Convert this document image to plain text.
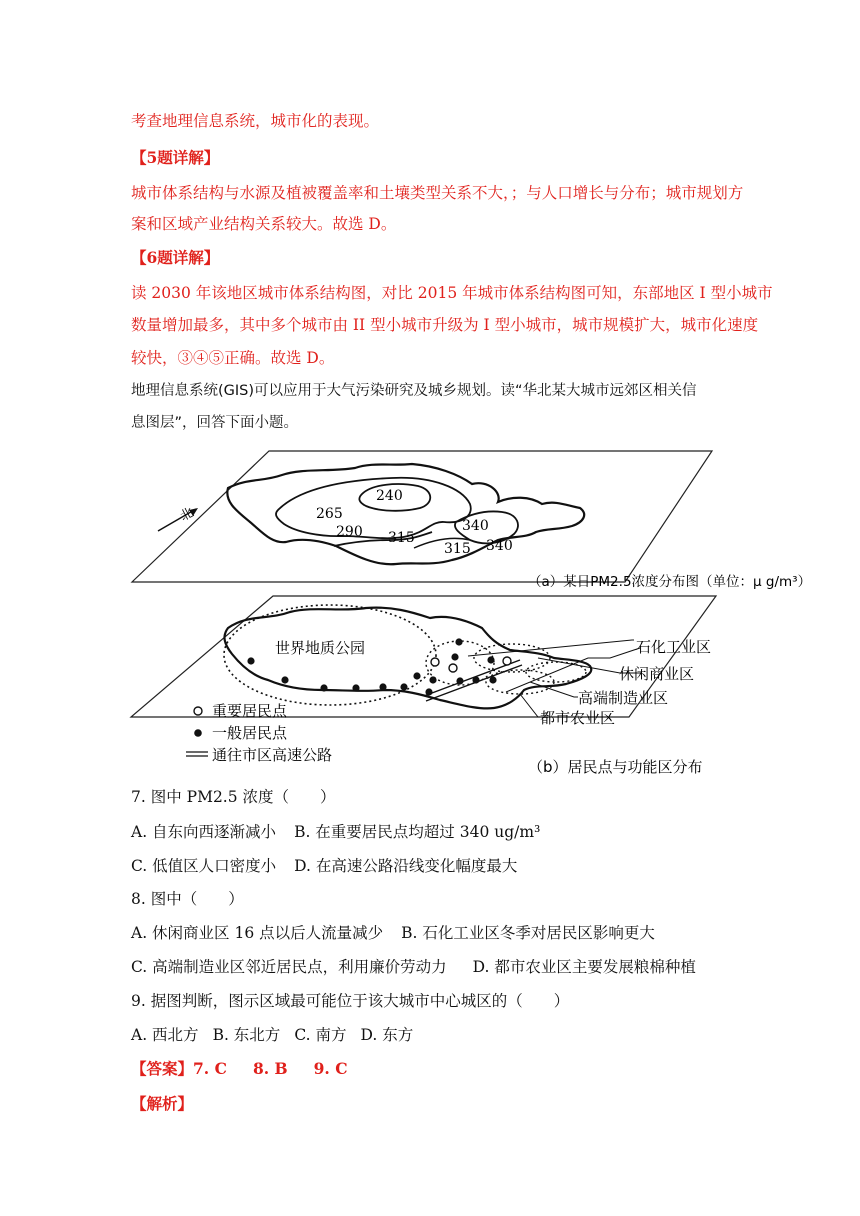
考查地理信息系统，城市化的表现。
【5题详解】
城市体系结构与水源及植被覆盖率和土壤类型关系不大，；与人口增长与分布；城市规划方
案和区域产业结构关系较大。故选 D。
【6题详解】
读 2030 年该地区城市体系结构图，对比 2015 年城市体系结构图可知，东部地区 I 型小城市
数量增加最多，其中多个城市由 II 型小城市升级为 I 型小城市，城市规模扩大，城市化速度
较快，③④⑤正确。故选 D。
地理信息系统(GIS)可以应用于大气污染研究及城乡规划。读“华北某大城市远郊区相关信
息图层”，回答下面小题。
北
240
265
290 315
340
315 340
（a）某日PM2.5浓度分布图（单位：μ g/m³）
世界地质公园	石化工业区
休闲商业区
高端制造业区
都市农业区
重要居民点
一般居民点
通往市区高速公路
（b）居民点与功能区分布
7. 图中 PM2.5 浓度（　　）
A. 自东向西逐渐减小 B. 在重要居民点均超过 340 ug/m³
C. 低值区人口密度小 D. 在高速公路沿线变化幅度最大
8. 图中（　　）
A. 休闲商业区 16 点以后人流量减少 B. 石化工业区冬季对居民区影响更大
C. 高端制造业区邻近居民点，利用廉价劳动力 D. 都市农业区主要发展粮棉种植
9. 据图判断，图示区域最可能位于该大城市中心城区的（　　）
A. 西北方 B. 东北方 C. 南方 D. 东方
【答案】7. C 8. B 9. C
【解析】
